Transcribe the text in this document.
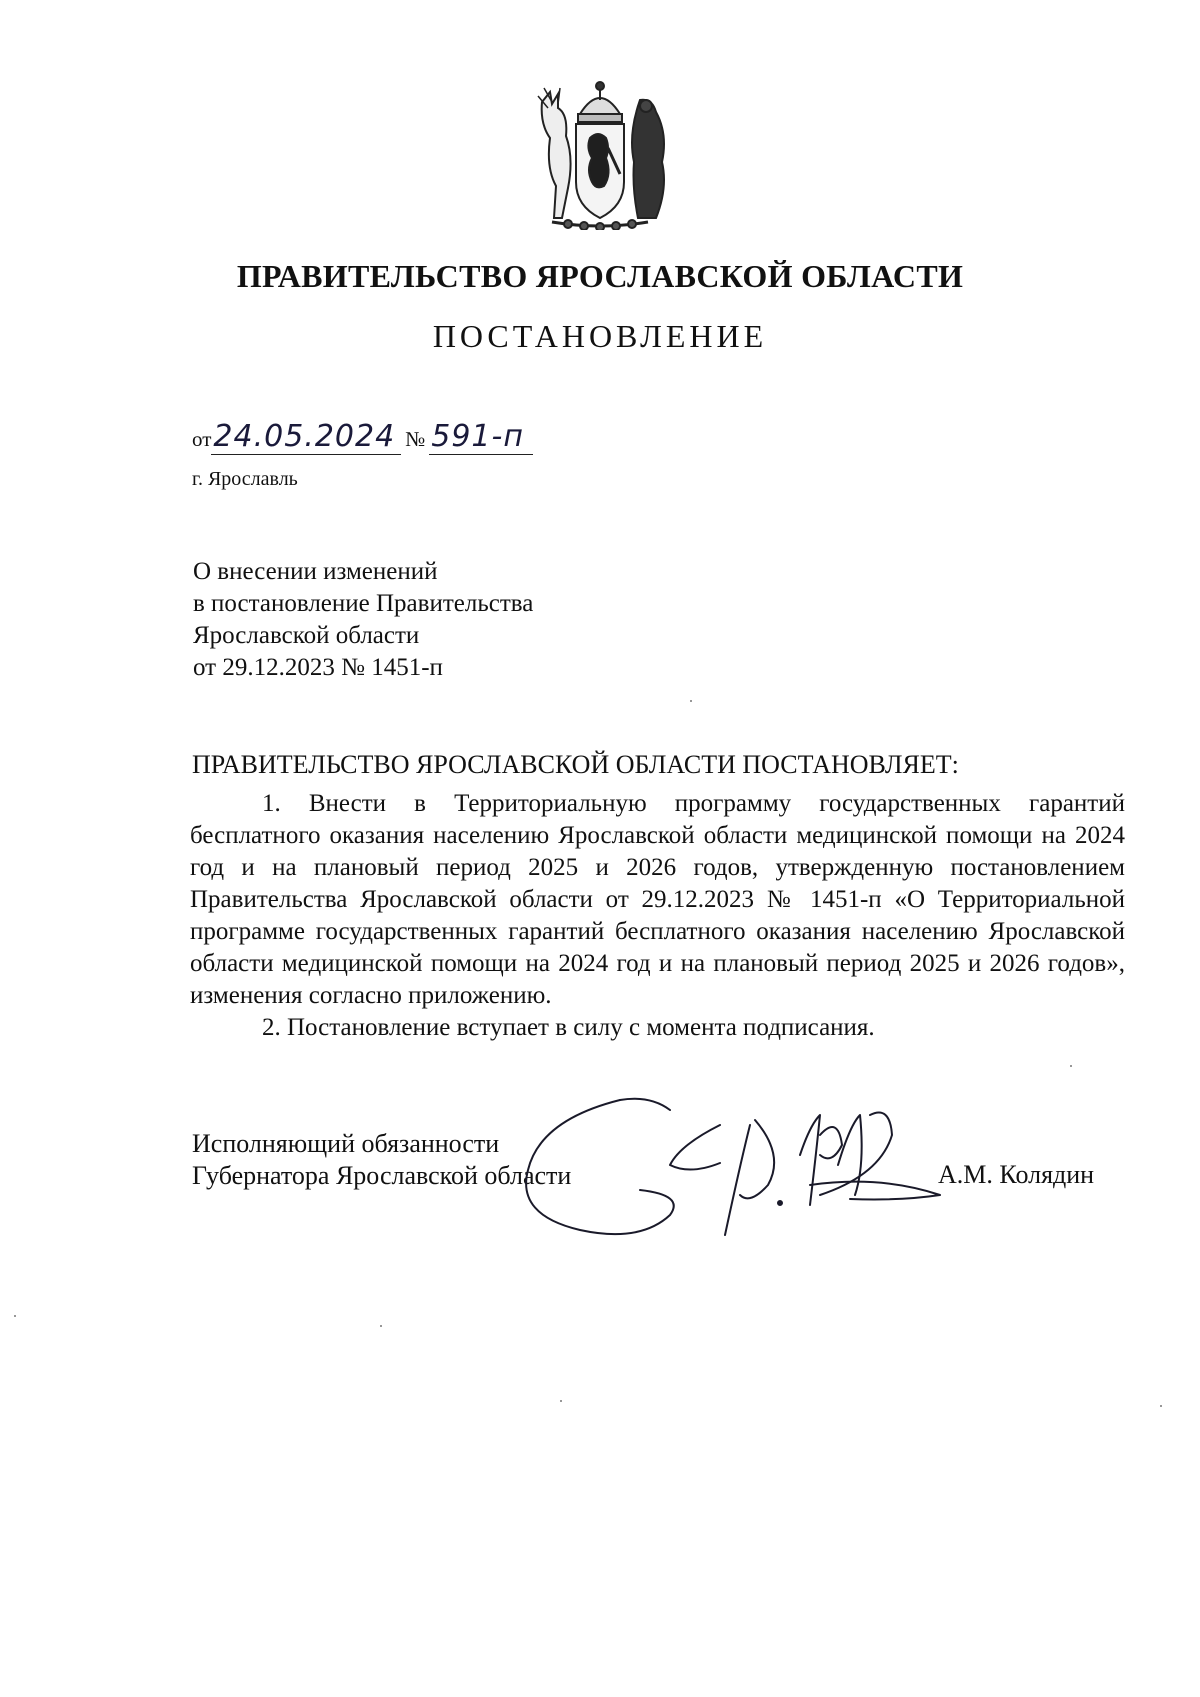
ПРАВИТЕЛЬСТВО ЯРОСЛАВСКОЙ ОБЛАСТИ
ПОСТАНОВЛЕНИЕ
от24.05.2024 № 591-п
г. Ярославль
О внесении изменений
в постановление Правительства
Ярославской области
от 29.12.2023 № 1451-п
ПРАВИТЕЛЬСТВО ЯРОСЛАВСКОЙ ОБЛАСТИ ПОСТАНОВЛЯЕТ:

1. Внести в Территориальную программу государственных гарантий бесплатного оказания населению Ярославской области медицинской помощи на 2024 год и на плановый период 2025 и 2026 годов, утвержденную постановлением Правительства Ярославской области от 29.12.2023 № 1451-п «О Территориальной программе государственных гарантий бесплатного оказания населению Ярославской области медицинской помощи на 2024 год и на плановый период 2025 и 2026 годов», изменения согласно приложению.

2. Постановление вступает в силу с момента подписания.

Исполняющий обязанности
Губернатора Ярославской области	А.М. Колядин
